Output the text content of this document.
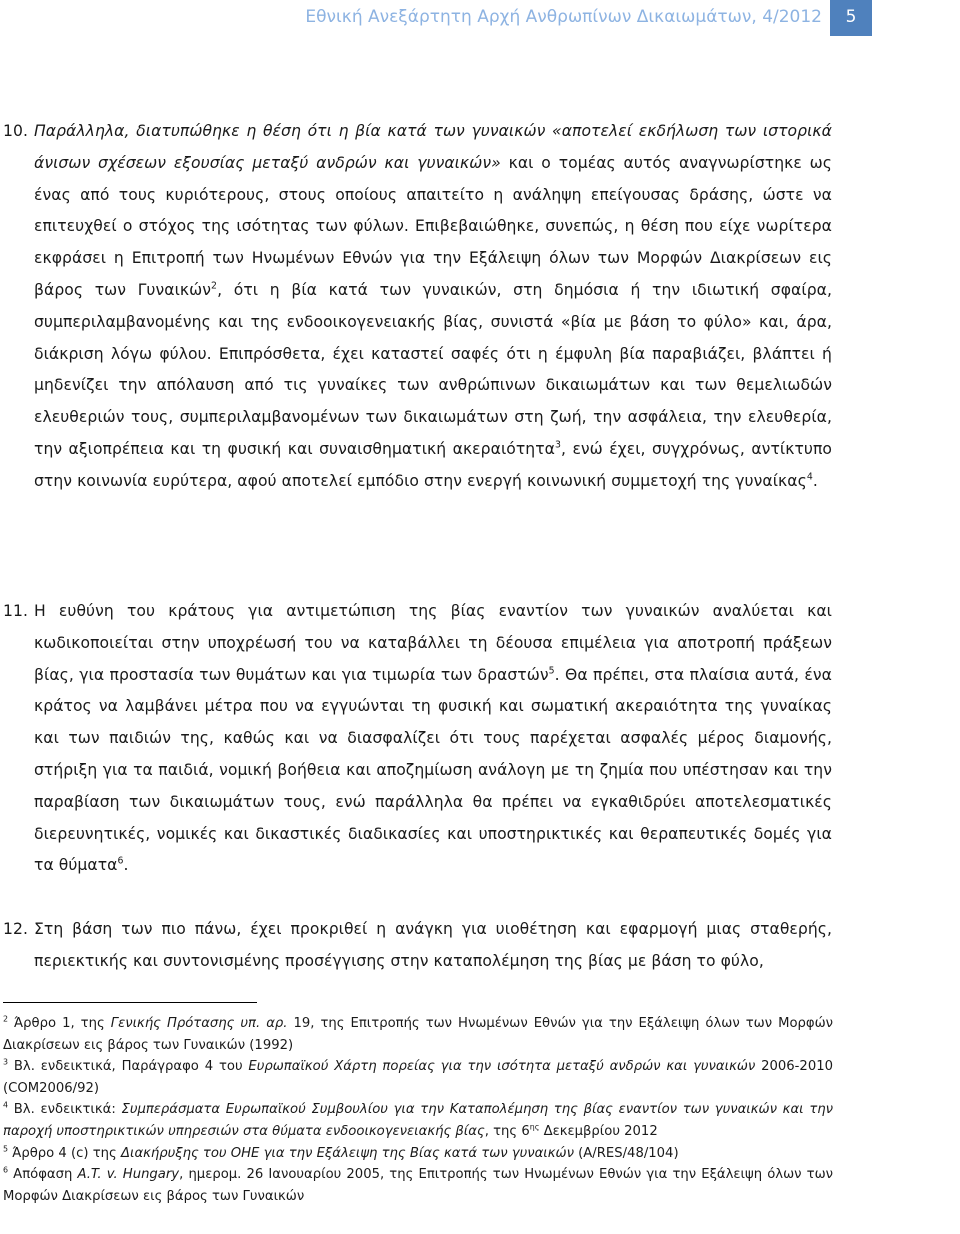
Εθνική Ανεξάρτητη Αρχή Ανθρωπίνων Δικαιωμάτων, 4/2012	5

10. Παράλληλα, διατυπώθηκε η θέση ότι η βία κατά των γυναικών «αποτελεί εκδήλωση των ιστορικά άνισων σχέσεων εξουσίας μεταξύ ανδρών και γυναικών» και ο τομέας αυτός αναγνωρίστηκε ως ένας από τους κυριότερους, στους οποίους απαιτείτο η ανάληψη επείγουσας δράσης, ώστε να επιτευχθεί ο στόχος της ισότητας των φύλων. Επιβεβαιώθηκε, συνεπώς, η θέση που είχε νωρίτερα εκφράσει η Επιτροπή των Ηνωμένων Εθνών για την Εξάλειψη όλων των Μορφών Διακρίσεων εις βάρος των Γυναικών$^2$, ότι η βία κατά των γυναικών, στη δημόσια ή την ιδιωτική σφαίρα, συμπεριλαμβανομένης και της ενδοοικογενειακής βίας, συνιστά «βία με βάση το φύλο» και, άρα, διάκριση λόγω φύλου. Επιπρόσθετα, έχει καταστεί σαφές ότι η έμφυλη βία παραβιάζει, βλάπτει ή μηδενίζει την απόλαυση από τις γυναίκες των ανθρώπινων δικαιωμάτων και των θεμελιωδών ελευθεριών τους, συμπεριλαμβανομένων των δικαιωμάτων στη ζωή, την ασφάλεια, την ελευθερία, την αξιοπρέπεια και τη φυσική και συναισθηματική ακεραιότητα$^3$, ενώ έχει, συγχρόνως, αντίκτυπο στην κοινωνία ευρύτερα, αφού αποτελεί εμπόδιο στην ενεργή κοινωνική συμμετοχή της γυναίκας$^4$.

11. Η ευθύνη του κράτους για αντιμετώπιση της βίας εναντίον των γυναικών αναλύεται και κωδικοποιείται στην υποχρέωσή του να καταβάλλει τη δέουσα επιμέλεια για αποτροπή πράξεων βίας, για προστασία των θυμάτων και για τιμωρία των δραστών$^5$. Θα πρέπει, στα πλαίσια αυτά, ένα κράτος να λαμβάνει μέτρα που να εγγυώνται τη φυσική και σωματική ακεραιότητα της γυναίκας και των παιδιών της, καθώς και να διασφαλίζει ότι τους παρέχεται ασφαλές μέρος διαμονής, στήριξη για τα παιδιά, νομική βοήθεια και αποζημίωση ανάλογη με τη ζημία που υπέστησαν και την παραβίαση των δικαιωμάτων τους, ενώ παράλληλα θα πρέπει να εγκαθιδρύει αποτελεσματικές διερευνητικές, νομικές και δικαστικές διαδικασίες και υποστηρικτικές και θεραπευτικές δομές για τα θύματα$^6$.

12. Στη βάση των πιο πάνω, έχει προκριθεί η ανάγκη για υιοθέτηση και εφαρμογή μιας σταθερής, περιεκτικής και συντονισμένης προσέγγισης στην καταπολέμηση της βίας με βάση το φύλο,

$^2$ Άρθρο 1, της Γενικής Πρότασης υπ. αρ. 19, της Επιτροπής των Ηνωμένων Εθνών για την Εξάλειψη όλων των Μορφών Διακρίσεων εις βάρος των Γυναικών (1992)

$^3$ Βλ. ενδεικτικά, Παράγραφο 4 του Ευρωπαϊκού Χάρτη πορείας για την ισότητα μεταξύ ανδρών και γυναικών 2006-2010 (COM2006/92)

$^4$ Βλ. ενδεικτικά: Συμπεράσματα Ευρωπαϊκού Συμβουλίου για την Καταπολέμηση της βίας εναντίον των γυναικών και την παροχή υποστηρικτικών υπηρεσιών στα θύματα ενδοοικογενειακής βίας, της $6^{\eta\varsigma}$ Δεκεμβρίου 2012

$^5$ Άρθρο 4 (c) της Διακήρυξης του ΟΗΕ για την Εξάλειψη της Βίας κατά των γυναικών (A/RES/48/104)

$^6$ Απόφαση A.T. v. Hungary, ημερομ. 26 Ιανουαρίου 2005, της Επιτροπής των Ηνωμένων Εθνών για την Εξάλειψη όλων των Μορφών Διακρίσεων εις βάρος των Γυναικών
